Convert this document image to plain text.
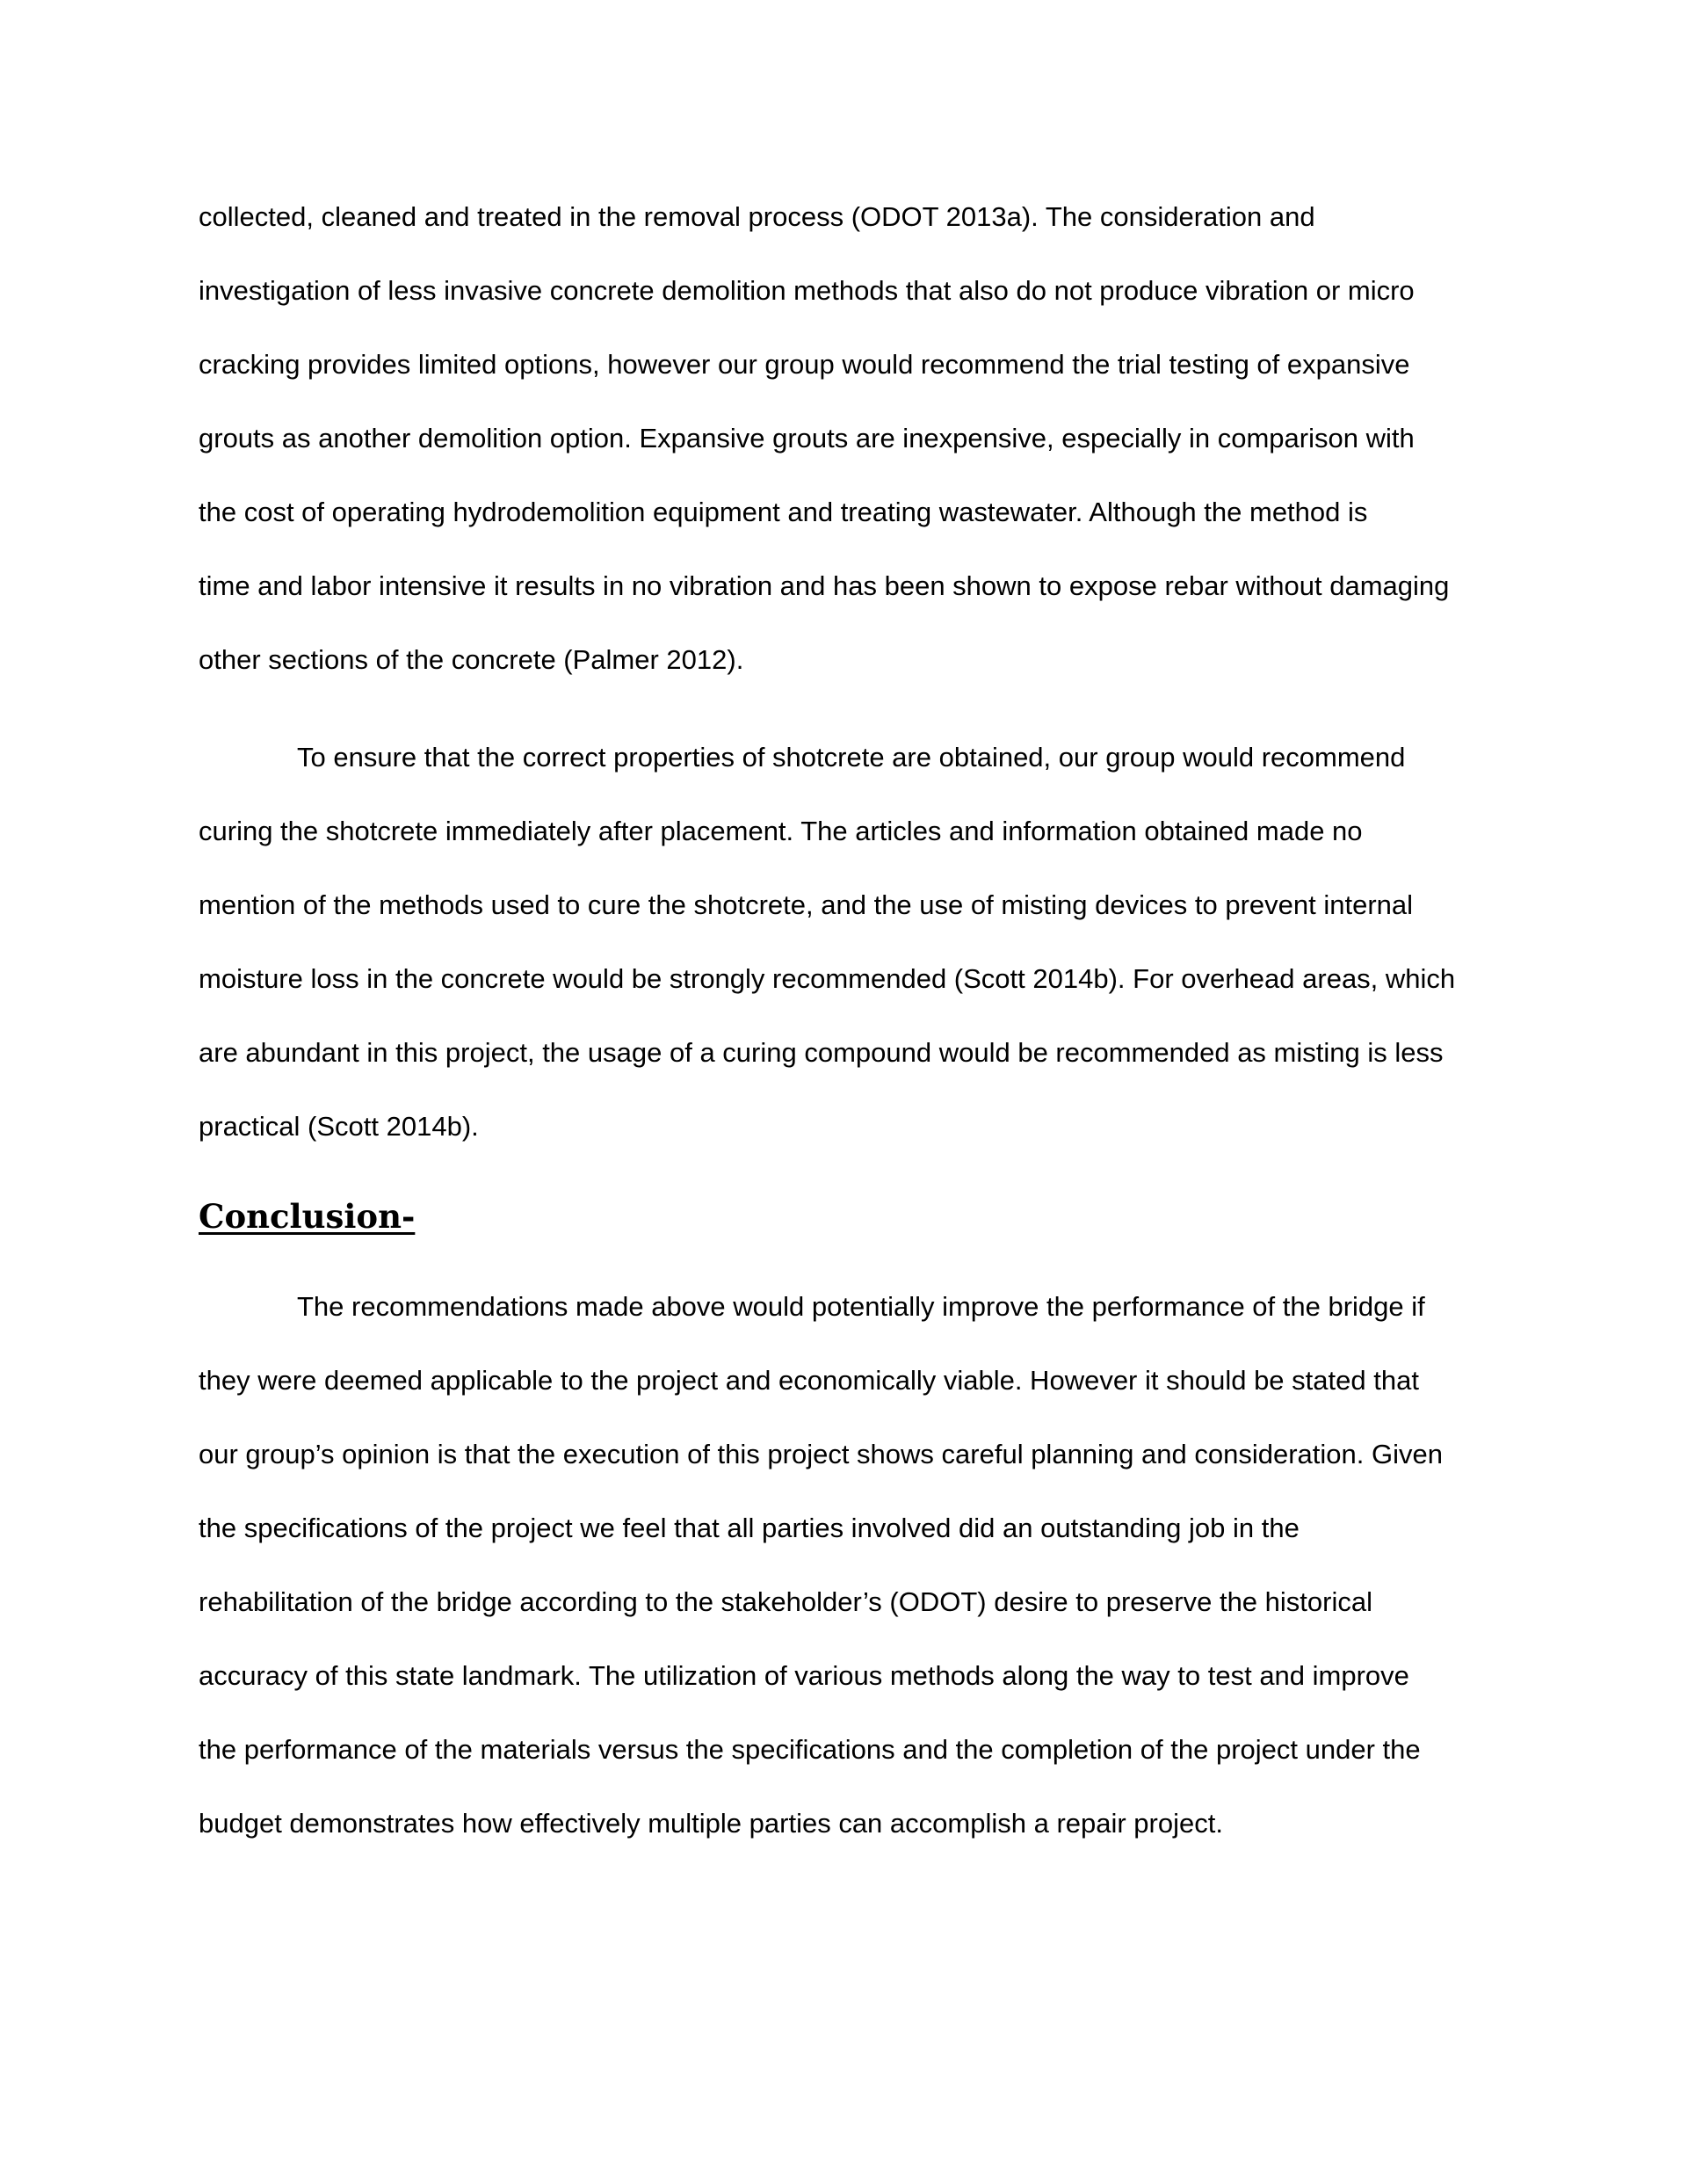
collected, cleaned and treated in the removal process (ODOT 2013a). The consideration and
investigation of less invasive concrete demolition methods that also do not produce vibration or micro
cracking provides limited options, however our group would recommend the trial testing of expansive
grouts as another demolition option. Expansive grouts are inexpensive, especially in comparison with
the cost of operating hydrodemolition equipment and treating wastewater. Although the method is
time and labor intensive it results in no vibration and has been shown to expose rebar without damaging
other sections of the concrete (Palmer 2012).

To ensure that the correct properties of shotcrete are obtained, our group would recommend
curing the shotcrete immediately after placement. The articles and information obtained made no
mention of the methods used to cure the shotcrete, and the use of misting devices to prevent internal
moisture loss in the concrete would be strongly recommended (Scott 2014b). For overhead areas, which
are abundant in this project, the usage of a curing compound would be recommended as misting is less
practical (Scott 2014b).

Conclusion-

The recommendations made above would potentially improve the performance of the bridge if
they were deemed applicable to the project and economically viable. However it should be stated that
our group’s opinion is that the execution of this project shows careful planning and consideration. Given
the specifications of the project we feel that all parties involved did an outstanding job in the
rehabilitation of the bridge according to the stakeholder’s (ODOT) desire to preserve the historical
accuracy of this state landmark. The utilization of various methods along the way to test and improve
the performance of the materials versus the specifications and the completion of the project under the
budget demonstrates how effectively multiple parties can accomplish a repair project.
